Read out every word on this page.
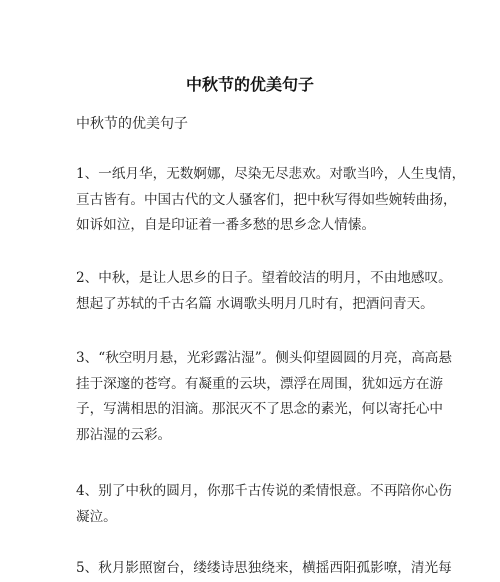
中秋节的优美句子
中秋节的优美句子
1、一纸月华，无数婀娜，尽染无尽悲欢。对歌当吟，人生曳情，
亘古皆有。中国古代的文人骚客们，把中秋写得如些婉转曲扬，
如诉如泣，自是印证着一番多愁的思乡念人情愫。
2、中秋，是让人思乡的日子。望着皎洁的明月，不由地感叹。
想起了苏轼的千古名篇 水调歌头明月几时有，把酒问青天。
3、“秋空明月悬，光彩露沾湿”。侧头仰望圆圆的月亮，高高悬
挂于深邃的苍穹。有凝重的云块，漂浮在周围，犹如远方在游
子，写满相思的泪滴。那泯灭不了思念的素光，何以寄托心中
那沾湿的云彩。
4、别了中秋的圆月，你那千古传说的柔情恨意。不再陪你心伤
凝泣。
5、秋月影照窗台，缕缕诗思独绕来，横摇西阳孤影嘹，清光每
